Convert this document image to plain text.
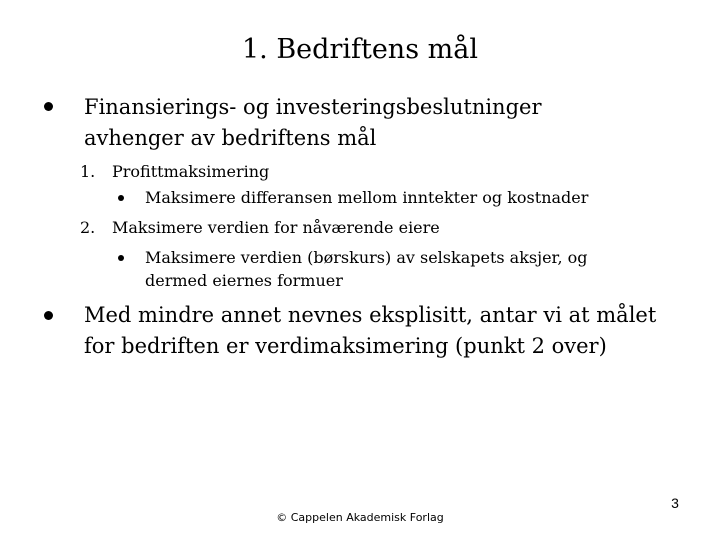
1. Bedriftens mål
Finansierings- og investeringsbeslutninger avhenger av bedriftens mål
1. Profittmaksimering
Maksimere differansen mellom inntekter og kostnader
2. Maksimere verdien for nåværende eiere
Maksimere verdien (børskurs) av selskapets aksjer, og dermed eiernes formuer
Med mindre annet nevnes eksplisitt, antar vi at målet for bedriften er verdimaksimering (punkt 2 over)
© Cappelen Akademisk Forlag
3
